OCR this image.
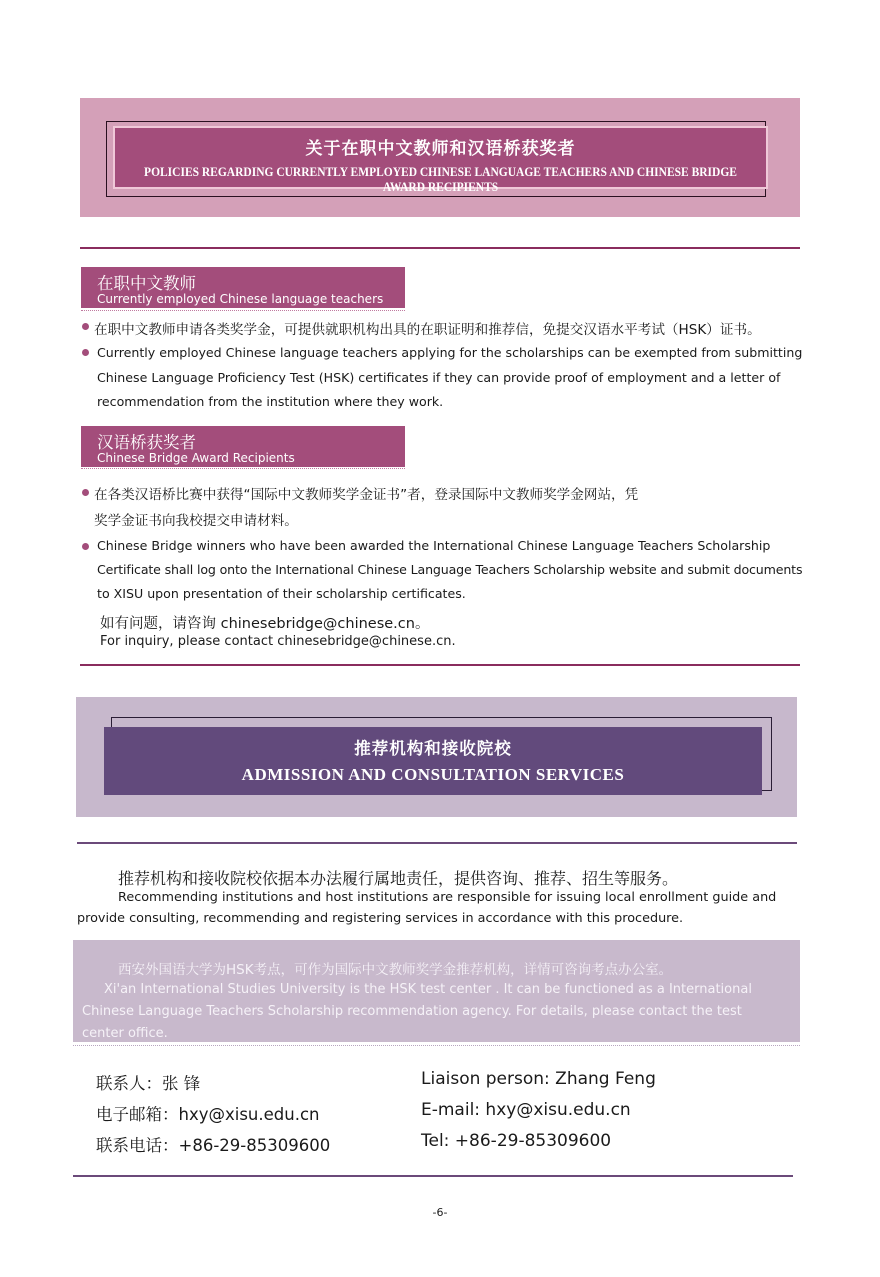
关于在职中文教师和汉语桥获奖者
POLICIES REGARDING CURRENTLY EMPLOYED CHINESE LANGUAGE TEACHERS AND CHINESE BRIDGE AWARD RECIPIENTS
在职中文教师
Currently employed Chinese language teachers
在职中文教师申请各类奖学金，可提供就职机构出具的在职证明和推荐信，免提交汉语水平考试（HSK）证书。
Currently employed Chinese language teachers applying for the scholarships can be exempted from submitting
Chinese Language Proficiency Test (HSK) certificates if they can provide proof of employment and a letter of
recommendation from the institution where they work.
汉语桥获奖者
Chinese Bridge Award Recipients
在各类汉语桥比赛中获得“国际中文教师奖学金证书”者，登录国际中文教师奖学金网站，凭
奖学金证书向我校提交申请材料。
Chinese Bridge winners who have been awarded the International Chinese Language Teachers Scholarship
Certificate shall log onto the International Chinese Language Teachers Scholarship website and submit documents
to XISU upon presentation of their scholarship certificates.
如有问题，请咨询 chinesebridge@chinese.cn。
For inquiry, please contact chinesebridge@chinese.cn.
推荐机构和接收院校
ADMISSION AND CONSULTATION SERVICES
推荐机构和接收院校依据本办法履行属地责任，提供咨询、推荐、招生等服务。
Recommending institutions and host institutions are responsible for issuing local enrollment guide and
provide consulting, recommending and registering services in accordance with this procedure.
西安外国语大学为HSK考点，可作为国际中文教师奖学金推荐机构，详情可咨询考点办公室。
Xi'an International Studies University is the HSK test center . It can be functioned as a International
Chinese Language Teachers Scholarship recommendation agency. For details, please contact the test
center office.
联系人：张 锋
电子邮箱：hxy@xisu.edu.cn
联系电话：+86-29-85309600
Liaison person: Zhang Feng
E-mail: hxy@xisu.edu.cn
Tel: +86-29-85309600
-6-
